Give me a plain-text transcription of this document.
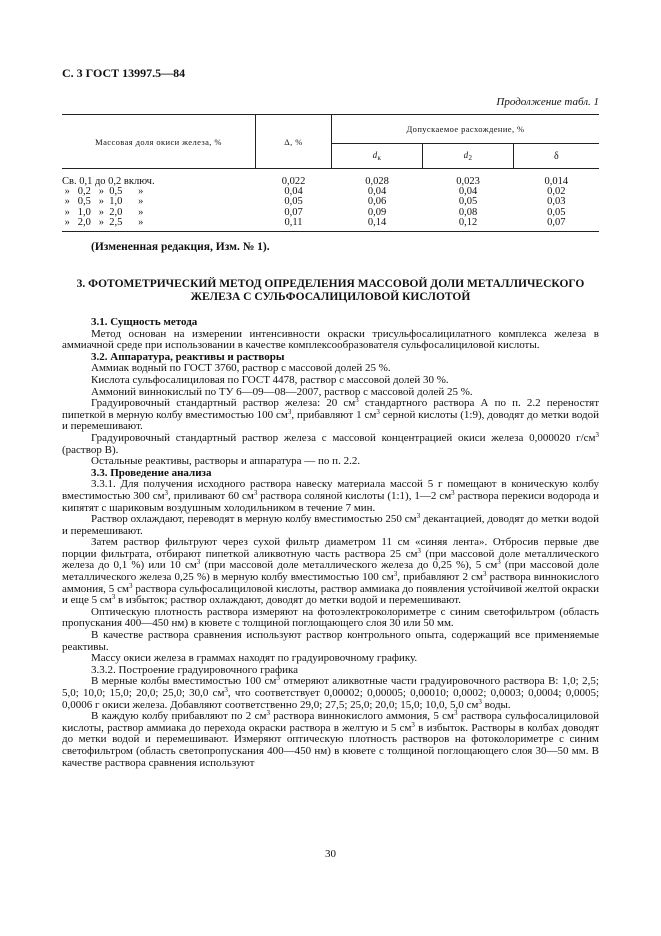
С. 3 ГОСТ 13997.5—84
Продолжение табл. 1
Массовая доля окиси железа, %	Δ, %	Допускаемое расхождение, %		
		$d_к$	$d_2$	δ
Св. 0,1 до 0,2 включ.	0,022	0,028	0,023	0,014
»   0,2   »  0,5      »	0,04	0,04	0,04	0,02
»   0,5   »  1,0      »	0,05	0,06	0,05	0,03
»   1,0   »  2,0      »	0,07	0,09	0,08	0,05
»   2,0   »  2,5      »	0,11	0,14	0,12	0,07
(Измененная редакция, Изм. № 1).
3. ФОТОМЕТРИЧЕСКИЙ МЕТОД ОПРЕДЕЛЕНИЯ МАССОВОЙ ДОЛИ МЕТАЛЛИЧЕСКОГО
ЖЕЛЕЗА С СУЛЬФОСАЛИЦИЛОВОЙ КИСЛОТОЙ

3.1. Сущность метода

Метод основан на измерении интенсивности окраски трисульфосалицилатного комплекса железа в аммиачной среде при использовании в качестве комплексообразователя сульфосалициловой кислоты.

3.2. Аппаратура, реактивы и растворы

Аммиак водный по ГОСТ 3760, раствор с массовой долей 25 %.

Кислота сульфосалициловая по ГОСТ 4478, раствор с массовой долей 30 %.

Аммоний виннокислый по ТУ 6—09—08—2007, раствор с массовой долей 25 %.

Градуировочный стандартный раствор железа: 20 $см^3$ стандартного раствора А по п. 2.2 переностят пипеткой в мерную колбу вместимостью 100 $см^3$, прибавляют 1 $см^3$ серной кислоты (1:9), доводят до метки водой и перемешивают.

Градуировочный стандартный раствор железа с массовой концентрацией окиси железа 0,000020 $г/см^3$ (раствор В).

Остальные реактивы, растворы и аппаратура — по п. 2.2.

3.3. Проведение анализа

3.3.1. Для получения исходного раствора навеску материала массой 5 г помещают в коническую колбу вместимостью 300 $см^3$, приливают 60 $см^3$ раствора соляной кислоты (1:1), 1—2 $см^3$ раствора перекиси водорода и кипятят с шариковым воздушным холодильником в течение 7 мин.

Раствор охлаждают, переводят в мерную колбу вместимостью 250 $см^3$ декантацией, доводят до метки водой и перемешивают.

Затем раствор фильтруют через сухой фильтр диаметром 11 см «синяя лента». Отбросив первые две порции фильтрата, отбирают пипеткой аликвотную часть раствора 25 $см^3$ (при массовой доле металлического железа до 0,1 %) или 10 $см^3$ (при массовой доле металлического железа до 0,25 %), 5 $см^3$ (при массовой доле металлического железа 0,25 %) в мерную колбу вместимостью 100 $см^3$, прибавляют 2 $см^3$ раствора виннокислого аммония, 5 $см^3$ раствора сульфосалициловой кислоты, раствор аммиака до появления устойчивой желтой окраски и еще 5 $см^3$ в избыток; раствор охлаждают, доводят до метки водой и перемешивают.

Оптическую плотность раствора измеряют на фотоэлектроколориметре с синим светофильтром (область пропускания 400—450 нм) в кювете с толщиной поглощающего слоя 30 или 50 мм.

В качестве раствора сравнения используют раствор контрольного опыта, содержащий все применяемые реактивы.

Массу окиси железа в граммах находят по градуировочному графику.

3.3.2. Построение градуировочного графика

В мерные колбы вместимостью 100 $см^3$ отмеряют аликвотные части градуировочного раствора В: 1,0; 2,5; 5,0; 10,0; 15,0; 20,0; 25,0; 30,0 $см^3$, что соответствует 0,00002; 0,00005; 0,00010; 0,0002; 0,0003; 0,0004; 0,0005; 0,0006 г окиси железа. Добавляют соответственно 29,0; 27,5; 25,0; 20,0; 15,0; 10,0, 5,0 $см^3$ воды.

В каждую колбу прибавляют по 2 $см^3$ раствора виннокислого аммония, 5 $см^3$ раствора сульфосалициловой кислоты, раствор аммиака до перехода окраски раствора в желтую и 5 $см^3$ в избыток. Растворы в колбах доводят до метки водой и перемешивают. Измеряют оптическую плотность растворов на фотоколориметре с синим светофильтром (область светопропускания 400—450 нм) в кювете с толщиной поглощающего слоя 30—50 мм. В качестве раствора сравнения используют

30
